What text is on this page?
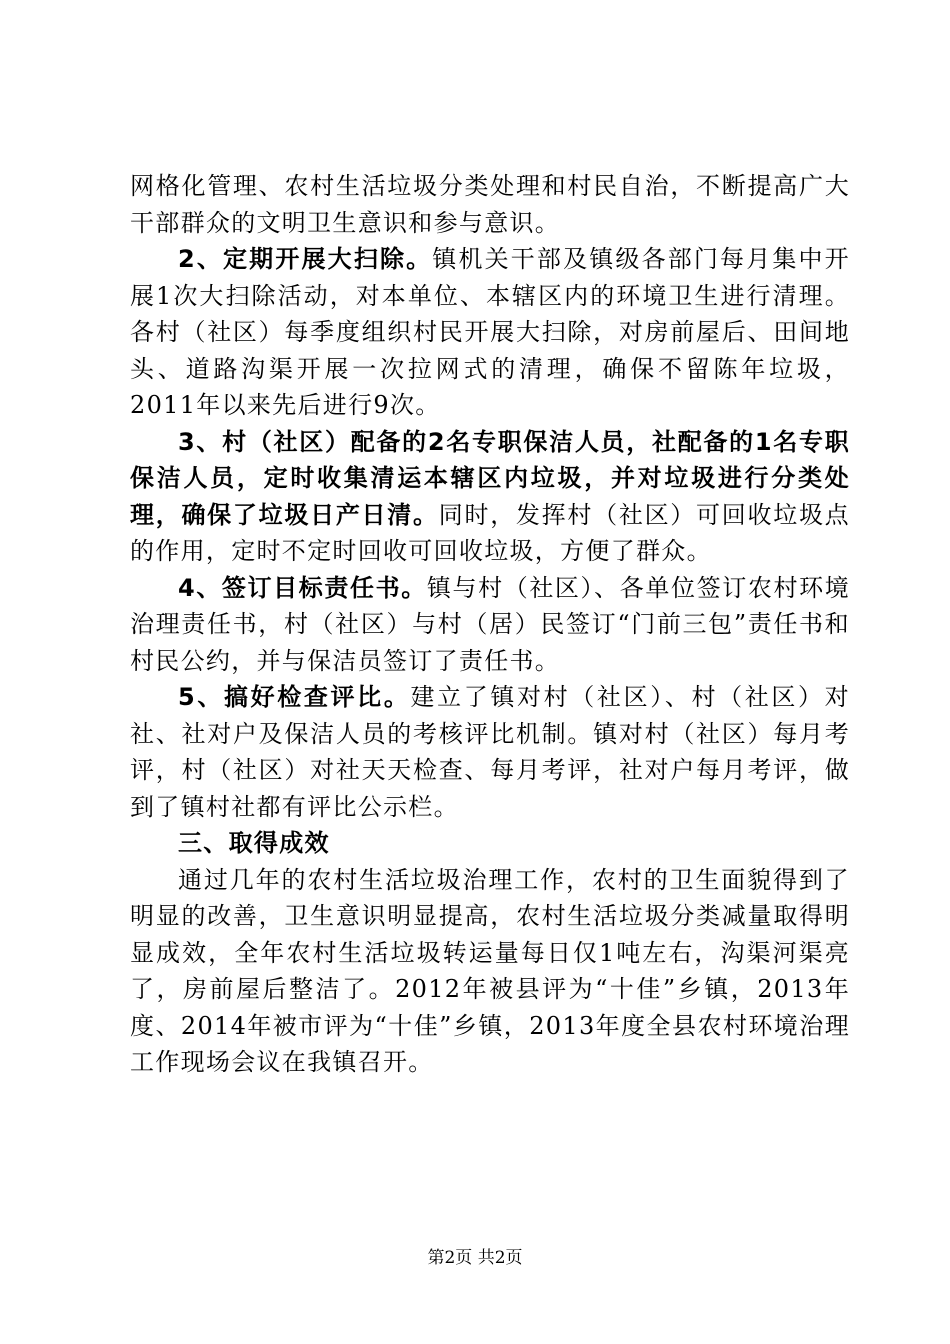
网格化管理、农村生活垃圾分类处理和村民自治，不断提高广大干部群众的文明卫生意识和参与意识。

2、定期开展大扫除。镇机关干部及镇级各部门每月集中开展1次大扫除活动，对本单位、本辖区内的环境卫生进行清理。各村（社区）每季度组织村民开展大扫除，对房前屋后、田间地头、道路沟渠开展一次拉网式的清理，确保不留陈年垃圾，2011年以来先后进行9次。

3、村（社区）配备的2名专职保洁人员，社配备的1名专职保洁人员，定时收集清运本辖区内垃圾，并对垃圾进行分类处理，确保了垃圾日产日清。同时，发挥村（社区）可回收垃圾点的作用，定时不定时回收可回收垃圾，方便了群众。

4、签订目标责任书。镇与村（社区）、各单位签订农村环境治理责任书，村（社区）与村（居）民签订“门前三包”责任书和村民公约，并与保洁员签订了责任书。

5、搞好检查评比。建立了镇对村（社区）、村（社区）对社、社对户及保洁人员的考核评比机制。镇对村（社区）每月考评，村（社区）对社天天检查、每月考评，社对户每月考评，做到了镇村社都有评比公示栏。

三、取得成效

通过几年的农村生活垃圾治理工作，农村的卫生面貌得到了明显的改善，卫生意识明显提高，农村生活垃圾分类减量取得明显成效，全年农村生活垃圾转运量每日仅1吨左右，沟渠河渠亮了，房前屋后整洁了。2012年被县评为“十佳”乡镇，2013年度、2014年被市评为“十佳”乡镇，2013年度全县农村环境治理工作现场会议在我镇召开。

第2页 共2页
